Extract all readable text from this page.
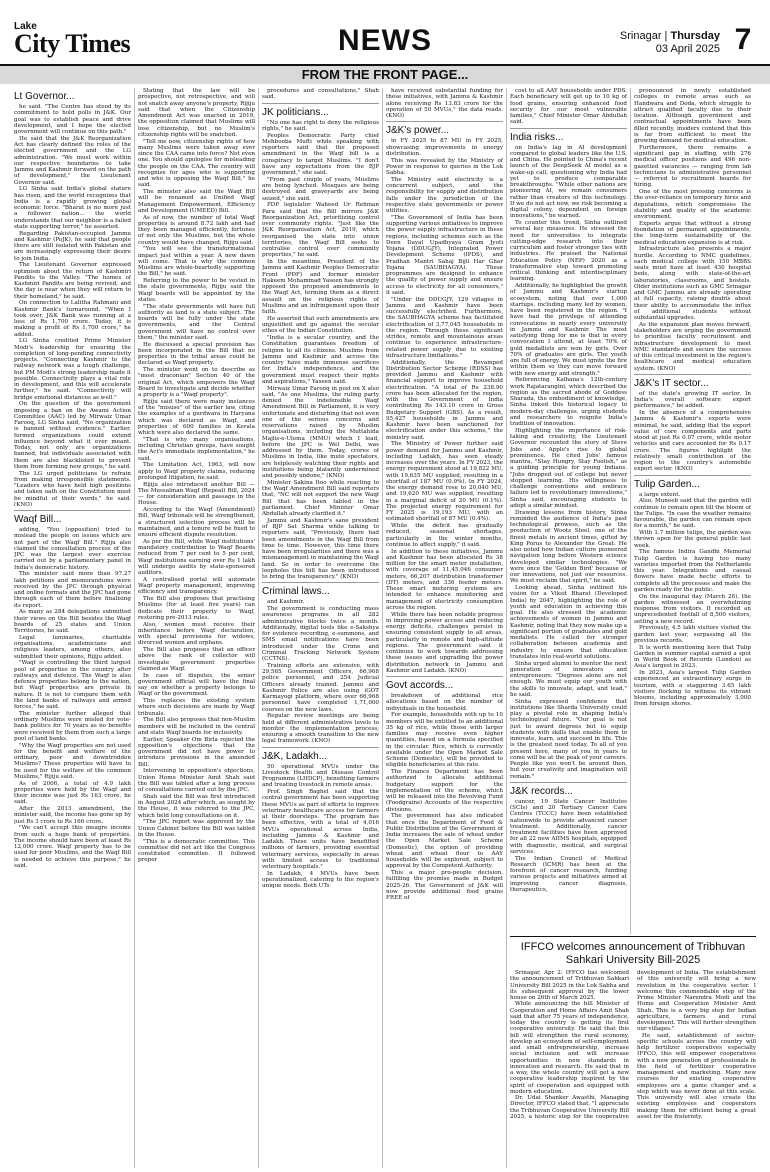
Lake
City Times	NEWS	Srinagar | Thursday
03 April 2025 7
FROM THE FRONT PAGE...
Lt Governor...

he said. "The Centre has stood by its commitment to hold polls in J&K. Our goal was to establish peace and drive development, and I hope the elected government will continue on this path."

He said that the J&K Reorganization Act has clearly defined the roles of the elected government and the LG administration. "We must work within our respective boundaries to take Jammu and Kashmir forward on the path of development," the Lieutenant Governor said.

LG Sinha said India's global stature has risen, and the world recognizes that India is a rapidly growing global economic force. "Bharat is no more just a follower nation... the world understands that our neighbor is a failed state supporting terror," he asserted.

Regarding Pakistan-occupied Jammu and Kashmir (PoJK), he said that people there are still isolated with Pakistan and are increasingly expressing their desire to join India.

The Lieutenant Governor expressed optimism about the return of Kashmiri Pandits to the Valley. "The homes of Kashmiri Pandits are being revived, and the day is near when they will return to their homeland," he said.

On connection to Lalitha Rahmani and Kashmir Bank's turnaround. "When I took over, J&K Bank was running at a loss of Rs 1,700 crore. Today, it is making a profit of Rs 1,700 crore," he added.

LG Sinha credited Prime Minister Modi's leadership for ensuring the completion of long-pending connectivity projects. "Connecting Kashmir to the railway network was a tough challenge, but PM Modi's strong leadership made it possible. Connectivity plays a vital role in development, and this will accelerate further," he said. "Connectivity will bridge emotional distances as well."

On the question of the government imposing a ban on the Awami Action Committee (AAC) led by Mirwaiz Umar Farooq, LG Sinha said, "No organization is banned without evidence." Earlier, formed organizations could extend influence beyond what it ever meant. Today, not only are organizations banned, but individuals associated with them are also blacklisted to prevent them from forming new groups," he said.

The LG urged politicians to refrain from making irresponsible statements. "Leaders who have held high positions and taken oath on the Constitution must be mindful of their words," he said. (KNO)

Waqf Bill...

adding, "You (opposition) tried to mislead the people on issues which are not part of the Waqf Bill." Rijiju also claimed the consultation process of the JPC was the largest ever exercise carried out by a parliamentary panel in India's democratic history.

The minister said more than 97.27 lakh petitions and memorandums were received by the JPC through physical and online formats and the JPC had gone through each of them before finalising its report.

As many as 284 delegations submitted their views on the Bill besides the Waqf boards of 25 states and Union Territories, he said.

Legal luminaries, charitable organisations, academicians and religious leaders, among others, also submitted their opinions, Rijiju added.

"Waqf is controlling the third largest pool of properties in the country after railways and defence. The Waqf is also defence properties belong to the nation, but Waqf properties are private in nature. It is not to compare them with the land banks of railways and armed forces," he said.

The minister further alleged that ordinary Muslims were misled for vote-bank politics for 70 years as no benefits were received by them from such a large pool of land banks.

"Why the Waqf properties are not used for the benefit and welfare of the ordinary, poor and downtrodden Muslims? These properties will have to be used for the welfare of the common Muslims," Rijiju said.

As of 2006, a total of 4.9 lakh properties were held by the Waqf and their income was just Rs 163 crore, he said.

After the 2013 amendment, the minister said, the income has gone up by just Rs 3 crore to Rs 166 crore.

"We can't accept this meagre income from such a huge bank of properties. The income should have been at least Rs 12,000 crore. Waqf property has to be used for poor Muslims, and the Waqf Bill is needed to achieve this purpose," he said.

Stating that the law will be prospective, not retrospective, and will not snatch away anyone's property, Rijiju said that when the Citizenship Amendment Act was enacted in 2019, the opposition claimed that Muslims will lose citizenship, but no Muslim's citizenship rights will be snatched.

"Tell me now, citizenship rights of how many Muslims were taken away ever since the CAA came into force? Not even one. You should apologise for misleading the people on the CAA. The country will recognise for ages who is supporting and who is opposing the Waqf Bill," he said.

The minister also said the Waqf Bill will be renamed as Unified Waqf Management Empowerment, Efficiency and Development (UMEED) Bill.

As of now, the number of total Waqf properties is around 8.72 lakh and had they been managed efficiently, fortunes of not only the Muslims, but the whole country would have changed, Rijiju said.

"You will see the transformational impact just within a year. A new dawn will come. That is why the common Muslims are whole-heartedly supporting the Bill," he said.

Referring to the power to be vested in the state governments, Rijiju said the Waqf boards will be appointed by the states.

"The state governments will have full authority as land is a state subject. The boards will be fully under the state governments, and the Central government will have no control over them," the minister said.

He discussed a special provision has been incorporated in the Bill that no properties in the tribal areas could be declared as Waqf property.

The minister went on to describe as "most draconian" Section 40 of the original Act, which empowers the Waqf Board to investigate and decide whether a property is a "Waqf property".

Rijiju said there were many instances of the "misuse" of the earlier law, citing the examples of a gurdwara in Haryana which was declared as Waqf, and properties of 600 families in Kerala which were also declared the same.

"That is why many organisations, including Christian groups, have sought the Act's immediate implementation," he said.

The Limitation Act, 1963, will now apply to Waqf property claims, reducing prolonged litigation, he said.

Rijiju also introduced another Bill — The Mussalman Waqf (Repeal) Bill, 2024 — for consideration and passage in the House.

According to the Waqf (Amendment) Bill, Waqf tribunals will be strengthened, a structured selection process will be maintained, and a tenure will be fixed to ensure efficient dispute resolution.

As per the Bill, while Waqf institutions' mandatory contribution to Waqf Boards reduced from 7 per cent to 5 per cent, Waqf institutions earning over Rs 1 lakh will undergo audits by state-sponsored auditors.

A centralised portal will automate Waqf property management, improving efficiency and transparency.

The Bill also proposes that practising Muslims (for at least five years) can dedicate their property to Waqf, restoring pre-2013 rules.

Also, women must receive their inheritance before Waqf declaration, with special provisions for widows, divorced women and orphans.

The Bill also proposes that an officer above the rank of collector will investigate government properties claimed as Waqf.

In case of disputes, the senior government official will have the final say on whether a property belongs to Waqf or the government.

This replaces the existing system where such decisions are made by Waqf tribunals.

The Bill also proposes that non-Muslim members will be included in the central and state Waqf boards for inclusivity.

Earlier, Speaker Om Birla rejected the opposition's objections that the government did not have power to introduce provisions in the amended Bill.

Intervening in opposition's objections, Union Home Minister Amit Shah said the Bill was tabled after a long process of consultations carried out by the JPC.

Shah said the Bill was first introduced in August 2024 after which, as sought by the House, it was referred to the JPC, which held long consultations on it.

"The JPC report was approved by the Union Cabinet before the Bill was tabled in the House.

"This is a democratic committee. This committee did not act like the Congress constituted committee. It followed proper

procedures and consultations," Shah said.

JK politicians...

"No one has right to deny the religious rights," he said.

Peoples Democratic Party chief Mehbooba Mufti while speaking with reporters said that the proposed amendment in the Waqf bill is a conspiracy to target Muslims. "I don't have any expectations from the BJP government," she said.

"From past couple of years, Muslims are being lynched. Mosques are being destroyed and graveyards are being seized," she said.

PDP legislator Waheed Ur Rehman Para said that the Bill mirrors J&K Reorganization Act, prioritizing control over community rights. "Just like the J&K Reorganisation Act, 2019, which reorganised the state into union territories, the Waqf Bill seeks to centralise control over community properties," he said.

In the meantime, President of the Jammu and Kashmir Peoples Democratic Front (PDF) and former minister Hakeem Mohammad Yaseen has strongly opposed the proposed amendments to the Waqf Act, terming them as a direct assault on the religious rights of Muslims and an infringement upon their faith.

He asserted that such amendments are unjustified and go against the secular ethos of the Indian Constitution.

"India is a secular country, and the Constitution guarantees freedom of religion to all its citizens. Muslims from Jammu and Kashmir and across the country have made immense sacrifices for India's independence, and the government must respect their rights and aspirations," Yaseen said.

Mirwaiz Umar Farooq in post on X also said, "As one Muslims, the ruling party denied the indefensible Waqf Amendment Bill in Parliament, it is very unfortunate and disturbing that not even one of the serious concerns and reservations raised by Muslim organisations, including the Muttahida Majlis-e-Ulema (MMU) which I lead, before the JPC is Wel Delhi, was addressed by them. Today, crores of Muslims in India, like mute spectators, are helplessly watching their rights and institutions being blatantly undermined and possibly undone," (KNO)

Minister Sakina Itoo while reacting to the Waqf Amendment Bill said reporters that, "NC will not support the new Waqf Bill that has been tabled in the parliament. Chief Minister Omar Abdullah already clarified it."

Jammu and Kashmir's sane president of BJP Sat Sharma while talking to reporters said, "Previously, there had been amendments in the Waqf Bill from time to time. However, this time there have been irregularities and there was a mismanagement in maintaining the Waqf land. So in order to overcome the loopholes this bill has been introduced to bring the transparency." (KNO)

Criminal laws...

and Kashmir.

The government is conducting mass awareness programs in all 282 administrative blocks twice a month. Additionally, digital tools like e-Sakshya for evidence recording, e-summons, and SMS email notifications have been introduced under the Crime and Criminal Tracking Network System (CCTNS).

Training efforts are extensive, with 29,565 Government Officers, 66,968 police personnel, and 254 Judicial Officers already trained. Jammu and Kashmir Police are also using iGOT Karmayogi platform, where over 66,968 personnel have completed 1,71,000 courses on the new laws.

Regular review meetings are being held at different administrative levels to monitor the implementation process, ensuring a smooth transition to the new legal framework. (KNO)

J&K, Ladakh...

50 operational MVUs under the Livestock Health and Disease Control Programme (LHDCP), benefiting farmers and treating livestock in remote areas.

Prof. Singh Baghel said that the central government has been supporting these MVUs as part of efforts to improve veterinary healthcare access for farmers at their doorsteps. "The program has been effective, with a total of 4,016 MVUs operational across India, including Jammu & Kashmir and Ladakh. These units have benefitted millions of farmers, providing essential veterinary services, especially in areas with limited access to traditional veterinary hospitals."

In Ladakh, 4 MVUs have been operationalized, catering to the region's unique needs. Both UTs

have received substantial funding for these initiatives, with Jammu & Kashmir alone receiving Rs 13.83 crore for the operation of 50 MVUs," the data reads. (KNO)

J&K's power...

in FY 2025 to 87 MU in FY 2025, showcasing improvements in energy distribution.

This was revealed by the Ministry of Power in response to queries in the Lok Sabha.

The Ministry said electricity is a concurrent subject, and the responsibility for supply and distribution falls under the jurisdiction of the respective state governments or power utilities.

"The Government of India has been supporting various initiatives to improve the power supply infrastructure in these regions, including schemes such as the Deen Dayal Upadhyaya Gram Jyoti Yojana (DDUGJY), Integrated Power Development Scheme (IPDS), and Pradhan Mantri Sahaj Bijli Har Ghar Yojana (SAUBHAGYA). These programmes are designed to enhance the quality of power supply and ensure access to electricity for all consumers," it said.

"Under the DDUGJY, 129 villages in Jammu and Kashmir have been successfully electrified. Furthermore, the SAUBHAGYA scheme has facilitated electrification of 3,77,045 households in the region. Through these significant strides, remote and mountainous areas continue to experience infrastructure-related power supply due to existing infrastructure limitations."

Additionally, the Revamped Distribution Sector Scheme (RDSS) has provided Jammu and Kashmir with financial support to improve household electrification. "A total of Rs 238.90 crore has been allocated for the region, with the Government of India contributing Rs 143.10 crore in Gross Budgetary Support (GBS). As a result, 95,427 households in Jammu and Kashmir have been sanctioned for electrification under this scheme," the ministry said.

The Ministry of Power further said power demand for Jammu and Kashmir, including Ladakh, has seen steady increases over the years. In FY 2023, the energy requirement stood at 19,822 MU, with 19,635 MU supplied, resulting in a shortfall of 187 MU (0.9%). In FY 2024, the energy demand rose to 20,040 MU, and 19,620 MU was supplied, resulting in a marginal deficit of 20 MU (0.1%). The projected energy requirement for FY 2025 is 19,193 MU, with an estimated shortfall of 87 MU (0.4%).

While the deficit has gradually reduced, seasonal shortages, particularly in the winter months, continue to affect supply," it said.

In addition to these initiatives, Jammu and Kashmir has been allocated Rs 38 million for the smart meter installation, with coverage of 11,45,046 consumer meters, 66,207 distribution transformer (DT) meters, and 336 feeder meters. These smart metering systems are intended to enhance monitoring and management of electricity consumption across the region.

While there has been notable progress in improving power access and reducing energy deficits, challenges persist in ensuring consistent supply to all areas, particularly in remote and high-altitude regions. The government said it continues to work towards addressing these issues and upgrading the power distribution network in Jammu and Kashmir and Ladakh. (KNO)

Govt accords...

breakdown of additional rice allocations based on the number of individuals in the household.

For example, households with up to 10 members will be entitled to an additional 35 kg of rice, while those with larger families may receive even higher quantities, based on a formula specified in the circular. Rice, which is currently available under the Open Market Sale Scheme (Domestic), will be provided to eligible beneficiaries at this rate.

The Finance Department has been authorized to allocate additional budgetary support for the implementation of the scheme, which will be released into the Revolving Fund (Foodgrains) Accounts of the respective divisions.

The government has also indicated that once the Department of Food & Public Distribution of the Government of India increases the sale of wheat under the Open Market Sale Scheme (Domestic), the option of providing wheat and wheat flour to AAY households will be explored, subject to approval by the Competent Authority.

This a major pro-people decision, fulfilling the promise made in Budget 2025-26. The Government of J&K will now provide additional food grains FREE of

cost to all AAY households under PDS. Each beneficiary will get up to 10 kg of food grains, ensuring enhanced food security for our most vulnerable families," Chief Minister Omar Abdullah said.

India risks...

on India's lag in AI development compared to global leaders like the U.S. and China. He pointed to China's recent launch of the DeepSeek AI model as a wake-up call, questioning why India had yet to produce comparable breakthroughs. "While other nations are pioneering AI, we remain consumers rather than creators of this technology. If we do not act now, we risk becoming a digital colony, dependent on foreign innovations," he warned.

To counter this trend, Sinha outlined several key measures. He stressed the need for universities to integrate cutting-edge research into their curriculum and foster stronger ties with industries. He praised the National Education Policy (NEP) 2020 as a transformative step toward promoting critical thinking and interdisciplinary learning.

Additionally, he highlighted the growth of Jammu and Kashmir's startup ecosystem, noting that over 1,000 startups, including many led by women, have been registered in the region. "I have had the privilege of attending convocations in nearly every university in Jammu and Kashmir. The most satisfying thing for me is that in every convocation I attend, at least 70% of gold medallists are won by girls. Over 70% of graduates are girls. The youth are full of energy. We must ignite the fire within them so they can move forward with new energy and strength."

Referencing Kalhana's 12th-century work Rajatarangini, which described the region as the sacred abode of Goddess Sharada, the embodiment of knowledge, Sinha linked this historical legacy to modern-day challenges, urging students and researchers to reignite India's tradition of innovation.

Highlighting the importance of risk-taking and creativity, the Lieutenant Governor recounted the story of Steve Jobs and Apple's rise to global prominence. He cited Jobs' famous mantra, "Stay Hungry, Stay Foolish," as a guiding principle for young Indians. "Jobs dropped out of college but never stopped learning. His willingness to challenge conventions and embrace failure led to revolutionary innovations," Sinha said, encouraging students to adopt a similar mindset.

Drawing lessons from history, Sinha reminded the audience of India's past technological prowess, such as the production of Wootz Steel, one of the finest metals in ancient times, gifted by King Porus to Alexander the Great. He also noted how Indian culture pioneered navigation long before Western science developed similar technologies. "We were once the 'Golden Bird' because of our innovations, not just our resources. We must reclaim that spirit," he said.

Looking ahead, Sinha outlined his vision for a Viksit Bharat (Developed India) by 2047, highlighting the role of youth and education in achieving this goal. He also stressed the academic achievements of women in Jammu and Kashmir, noting that they now make up a significant portion of graduates and gold medalists. He called for stronger collaboration between academia and industry to ensure that education translates into real-world solutions.

Sinha urged alumni to mentor the next generation of innovators and entrepreneurs. "Degrees alone are not enough. We must equip our youth with the skills to innovate, adapt, and lead," he said.

Sinha expressed confidence that institutions like Sharda University could play a pivotal role in shaping India's technological future. "Our goal is not just to award degrees but to equip students with skills that enable them to innovate, learn, and succeed in life. This is the greatest need today. To all of you present here, many of you in years to come will be at the peak of your careers. People like you won't be around then, but your creativity and imagination will remain."

J&K records...

cancer, 19 State Cancer Institutes (SCIs) and 20 Tertiary Cancer Care Centres (TCCC) have been established nationwide to provide advanced cancer treatment. Additionally, cancer treatment facilities have been approved for all 22 new AIIMS hospitals, equipped with diagnostic, medical, and surgical services.

The Indian Council of Medical Research (ICMR) has been at the forefront of cancer research, funding various projects and initiatives aimed at improving cancer diagnosis, therapeutics,

pronounced in newly established colleges in remote areas such as Handwara and Doda, which struggle to attract qualified faculty due to their location. Although government and contractual appointments have been filled recently, insiders contend that this is far from sufficient to meet the growing demand for medical education.

Furthermore, there remains a significant gap in staffing, with 276 medical officer positions and 496 non-gazetted vacancies — ranging from lab technicians to administrative personnel — referred to recruitment boards for hiring.

One of the most pressing concerns is the over-reliance on temporary hires and deputations, which compromises the stability and quality of the academic environment.

Experts argue that without a strong foundation of permanent appointments, the long-term sustainability of the medical education expansion is at risk.

Infrastructure also presents a major hurdle. According to NMC guidelines, each medical college with 150 MBBS seats must have at least 430 hospital beds, along with state-of-the-art laboratories, classrooms, and hostels. Older institutions such as GMC Srinagar and GMC Jammu are already operating at full capacity, raising doubts about their ability to accommodate the influx of additional students without substantial upgrades.

As the expansion plan moves forward, stakeholders are urging the government to prioritise faculty recruitment and infrastructure development to meet NMC standards and secure the success of this critical investment in the region's healthcare and medical education system. (KNO)

J&K's IT sector...

of the state's growing IT sector. In India's overall software export performance," he added.

In the absence of a comprehensive Jammu & Kashmir's exports were minimal, he said, adding that the export value of core components and parts stood at just Rs 0.07 crore, while motor vehicles and cars accounted for Rs 0.17 crore. The figures highlight the relatively small contribution of the region to the country's automobile export sector. (KNO)

Tulip Garden...

a large extent.

Also, Muneeb said that the garden will continue to remain open till the bloom of the Tulips. "In case the weather remains favourable, the garden can remain open for a month," he said.

With 1.7 million tulips, the garden was thrown open for the general public last week.

The famous Indira Gandhi Memorial Tulip Garden is having too many varieties imported from the Netherlands this year. Integrations and casual flowers have made hectic efforts to complete all the processes and make the garden ready for the public.

On the inaugural day (March 26), the garden witnessed an overwhelming response from visitors. It recorded an unprecedented footfall of 8,500 visitors, setting a new record.

Previously, 4.5 lakh visitors visited the garden last year, surpassing all the previous records.

It is worth mentioning here that Tulip Garden in summer capital earned a spot in World Book of Records (London) as Asia's largest in 2023.

In 2023, Asia's largest Tulip Garden experienced an extraordinary surge in tourism, with a staggering 3.65 lakh visitors flocking to witness its vibrant blooms, including approximately 3,000 from foreign shores.

IFFCO welcomes announcement of Tribhuvan Sahkari University Bill-2025

Srinagar, Apr 2: IFFCO has welcomed the announcement of Tribhuvan Sahkari University Bill 2025 in the Lok Sabha and its subsequent approval by the lower house on 26th of March 2025.

While announcing the bill Minister of Cooperation and Home Affairs Amit Shah said that after 75 years of independence, today the country is getting its first cooperative university. He said that this bill will strengthen the rural economy, develop an ecosystem of self-employment and small entrepreneurship, increase social inclusion and will increase opportunities in new standards in innovation and research. He said that in a way, the whole country will get a new cooperative leadership inspired by the spirit of cooperation and equipped with modern education.

Dr. Udai Shanker Awasthi, Managing Director, IFFCO stated that, "I appreciate the Tribhuvan Cooperative University Bill 2025, a historic step for the cooperative development of India. The establishment of this university will bring a new revolution in the cooperative sector. I welcome this commendable step of the Prime Minister Narendra Modi and the Home and Cooperation Minister Amit Shah. This is a very big step for Indian agriculture, farmers and rural development. This will further strengthen our villages."

He said, establishment of sector-specific schools across the country will help fertilizer cooperatives especially IFFCO, this will empower cooperatives with a new generation of professionals in the field of fertilizer cooperative management and marketing. Many new courses for existing cooperative employees are a game changer and a step which was never done at this scale. This university will also create the existing employees and cooperators making them for efficient being a great asset for the fraternity.
